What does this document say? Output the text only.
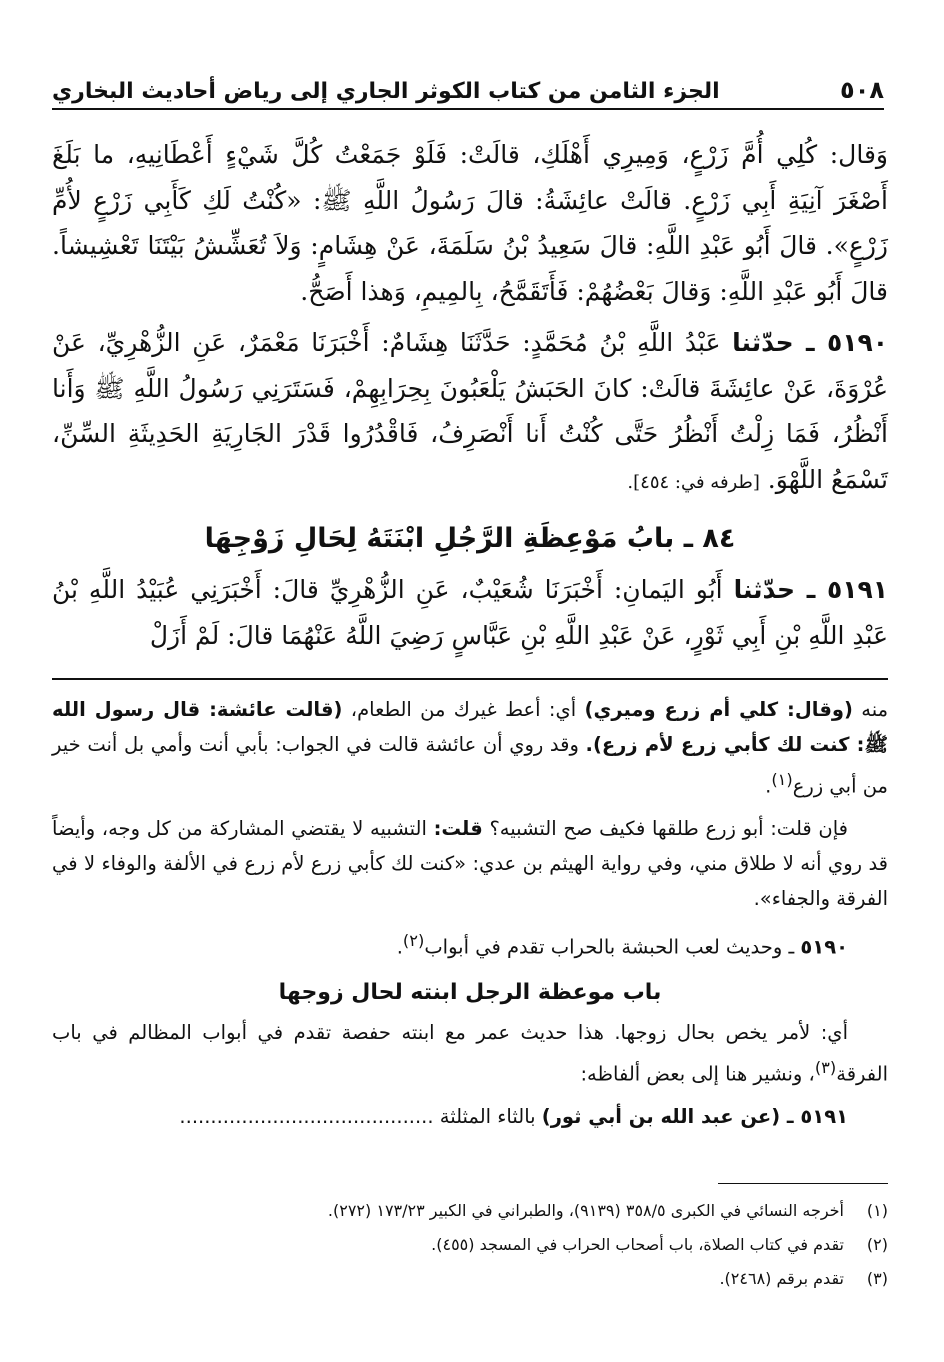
٥٠٨
الجزء الثامن من كتاب الكوثر الجاري إلى رياض أحاديث البخاري

وَقال: كُلِي أُمَّ زَرْعٍ، وَمِيرِي أَهْلَكِ، قالَتْ: فَلَوْ جَمَعْتُ كُلَّ شَيْءٍ أَعْطَانِيهِ، ما بَلَغَ أَصْغَرَ آنِيَةِ أَبِي زَرْعٍ. قالَتْ عائِشَةُ: قالَ رَسُولُ اللَّهِ ﷺ: «كُنْتُ لَكِ كَأَبِي زَرْعٍ لأُمِّ زَرْعٍ». قالَ أَبُو عَبْدِ اللَّهِ: قالَ سَعِيدُ بْنُ سَلَمَةَ، عَنْ هِشَامٍ: وَلاَ تُعَشِّشُ بَيْتَنَا تَعْشِيشاً. قالَ أَبُو عَبْدِ اللَّهِ: وَقالَ بَعْضُهُمْ: فَأَتَقَمَّحُ، بِالمِيمِ، وَهذا أَصَحُّ.

٥١٩٠ ـ حدّثنا عَبْدُ اللَّهِ بْنُ مُحَمَّدٍ: حَدَّثَنَا هِشَامٌ: أَخْبَرَنَا مَعْمَرٌ، عَنِ الزُّهْرِيِّ، عَنْ عُرْوَةَ، عَنْ عائِشَةَ قالَتْ: كانَ الحَبَشُ يَلْعَبُونَ بِحِرَابِهِمْ، فَسَتَرَنِي رَسُولُ اللَّهِ ﷺ وَأَنا أَنْظُرُ، فَمَا زِلْتُ أَنْظُرُ حَتَّى كُنْتُ أَنا أَنْصَرِفُ، فَاقْدُرُوا قَدْرَ الجَارِيَةِ الحَدِيثَةِ السِّنِّ، تَسْمَعُ اللَّهْوَ. [طرفه في: ٤٥٤].

٨٤ ـ بابُ مَوْعِظَةِ الرَّجُلِ ابْنَتَهُ لِحَالِ زَوْجِهَا

٥١٩١ ـ حدّثنا أَبُو اليَمانِ: أَخْبَرَنَا شُعَيْبٌ، عَنِ الزُّهْرِيِّ قالَ: أَخْبَرَنِي عُبَيْدُ اللَّهِ بْنُ عَبْدِ اللَّهِ بْنِ أَبِي ثَوْرٍ، عَنْ عَبْدِ اللَّهِ بْنِ عَبَّاسٍ رَضِيَ اللَّهُ عَنْهُمَا قالَ: لَمْ أَزَلْ

منه (وقال: كلي أم زرع وميري) أي: أعط غيرك من الطعام، (قالت عائشة: قال رسول الله ﷺ: كنت لك كأبي زرع لأم زرع). وقد روي أن عائشة قالت في الجواب: بأبي أنت وأمي بل أنت خير من أبي زرع$^{(١)}$.

فإن قلت: أبو زرع طلقها فكيف صح التشبيه؟ قلت: التشبيه لا يقتضي المشاركة من كل وجه، وأيضاً قد روي أنه لا طلاق مني، وفي رواية الهيثم بن عدي: «كنت لك كأبي زرع لأم زرع في الألفة والوفاء لا في الفرقة والجفاء».

٥١٩٠ ـ وحديث لعب الحبشة بالحراب تقدم في أبواب$^{(٢)}$.

باب موعظة الرجل ابنته لحال زوجها

أي: لأمر يخص بحال زوجها. هذا حديث عمر مع ابنته حفصة تقدم في أبواب المظالم في باب الفرقة$^{(٣)}$، ونشير هنا إلى بعض ألفاظه:

٥١٩١ ـ (عن عبد الله بن أبي ثور) بالثاء المثلثة .........................................

(١)أخرجه النسائي في الكبرى ٣٥٨/٥ (٩١٣٩)، والطبراني في الكبير ١٧٣/٢٣ (٢٧٢).

(٢)تقدم في كتاب الصلاة، باب أصحاب الحراب في المسجد (٤٥٥).

(٣)تقدم برقم (٢٤٦٨).
